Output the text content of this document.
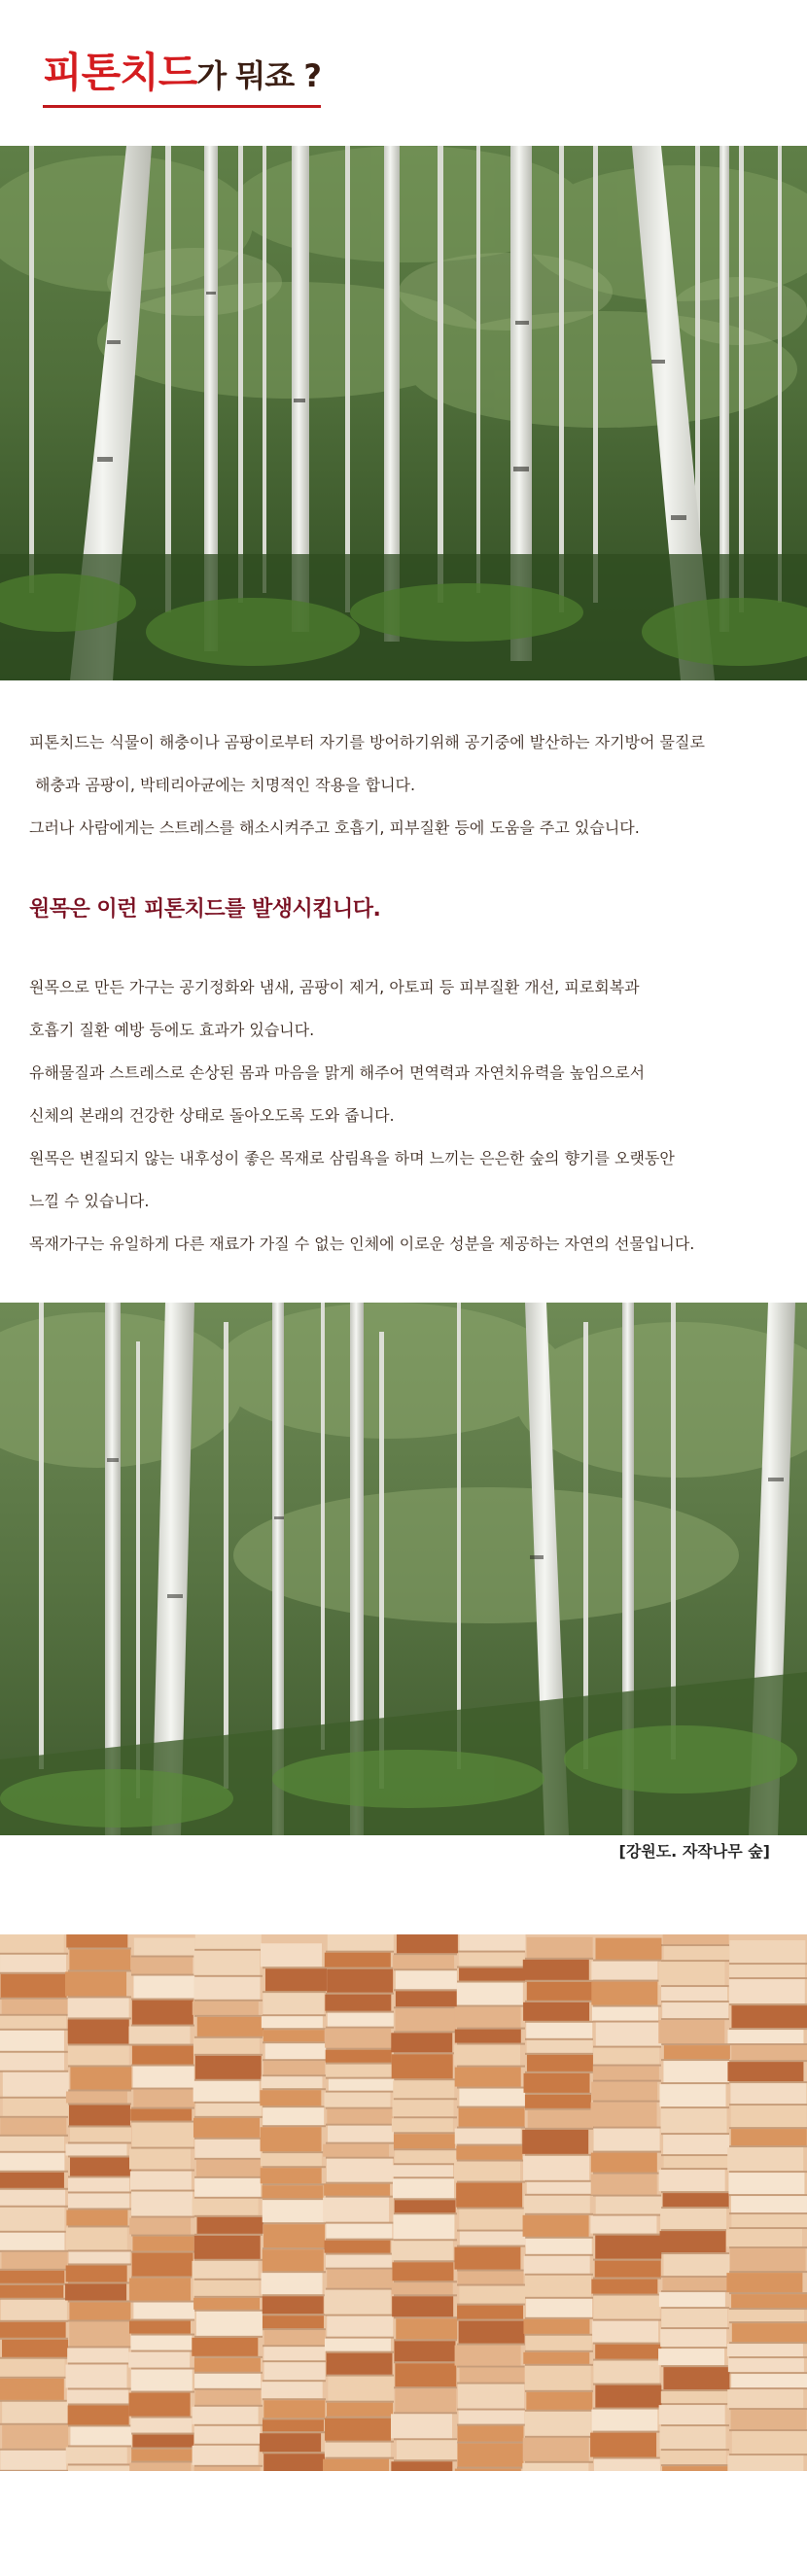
피톤치드 가 뭐죠 ?
피톤치드는 식물이 해충이나 곰팡이로부터 자기를 방어하기위해 공기중에 발산하는 자기방어 물질로
해충과 곰팡이, 박테리아균에는 치명적인 작용을 합니다.
그러나 사람에게는 스트레스를 해소시켜주고 호흡기, 피부질환 등에 도움을 주고 있습니다.
원목은 이런 피톤치드를 발생시킵니다.
원목으로 만든 가구는 공기정화와 냄새, 곰팡이 제거, 아토피 등 피부질환 개선, 피로회복과
호흡기 질환 예방 등에도 효과가 있습니다.
유해물질과 스트레스로 손상된 몸과 마음을 맑게 해주어 면역력과 자연치유력을 높임으로서
신체의 본래의 건강한 상태로 돌아오도록 도와 줍니다.
원목은 변질되지 않는 내후성이 좋은 목재로 삼림욕을 하며 느끼는 은은한 숲의 향기를 오랫동안
느낄 수 있습니다.
목재가구는 유일하게 다른 재료가 가질 수 없는 인체에 이로운 성분을 제공하는 자연의 선물입니다.
[강원도. 자작나무 숲]
